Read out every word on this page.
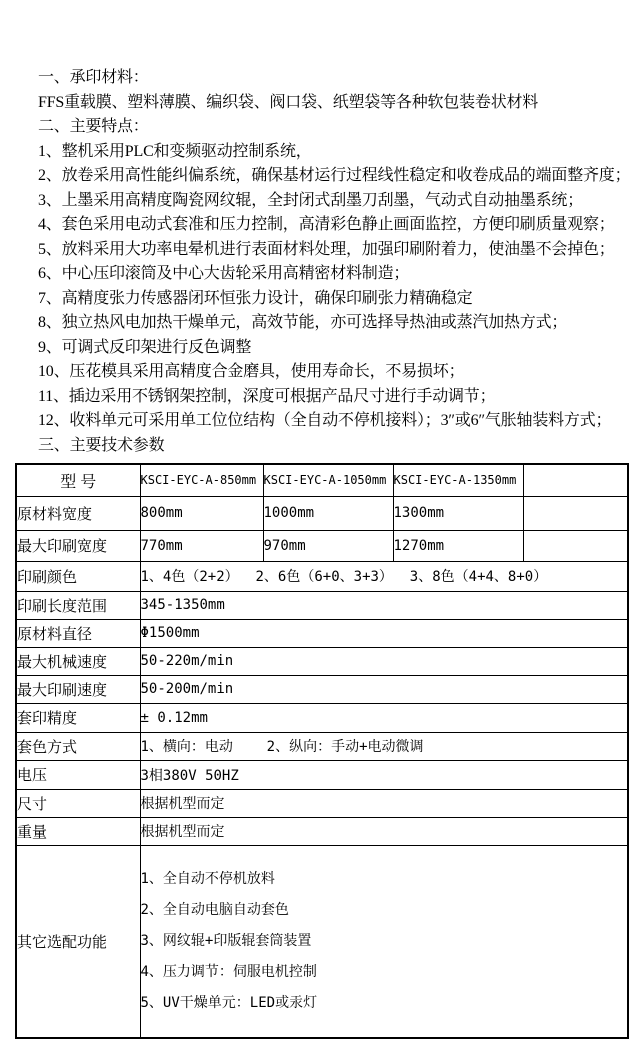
一、承印材料：
FFS重载膜、塑料薄膜、编织袋、阀口袋、纸塑袋等各种软包装卷状材料
二、主要特点：
1、整机采用PLC和变频驱动控制系统，
2、放卷采用高性能纠偏系统，确保基材运行过程线性稳定和收卷成品的端面整齐度；
3、上墨采用高精度陶瓷网纹辊，全封闭式刮墨刀刮墨，气动式自动抽墨系统；
4、套色采用电动式套准和压力控制，高清彩色静止画面监控，方便印刷质量观察；
5、放料采用大功率电晕机进行表面材料处理，加强印刷附着力，使油墨不会掉色；
6、中心压印滚筒及中心大齿轮采用高精密材料制造；
7、高精度张力传感器闭环恒张力设计，确保印刷张力精确稳定
8、独立热风电加热干燥单元，高效节能，亦可选择导热油或蒸汽加热方式；
9、可调式反印架进行反色调整
10、压花模具采用高精度合金磨具，使用寿命长，不易损坏；
11、插边采用不锈钢架控制，深度可根据产品尺寸进行手动调节；
12、收料单元可采用单工位位结构（全自动不停机接料）；3″或6″气胀轴装料方式；
三、主要技术参数
型 号	KSCI-EYC-A-850mm	KSCI-EYC-A-1050mm	KSCI-EYC-A-1350mm	
原材料宽度	800mm	1000mm	1300mm	
最大印刷宽度	770mm	970mm	1270mm	
印刷颜色	1、4色（2+2）  2、6色（6+0、3+3）  3、8色（4+4、8+0）			
印刷长度范围	345-1350mm			
原材料直径	Φ1500mm			
最大机械速度	50-220m/min			
最大印刷速度	50-200m/min			
套印精度	± 0.12mm			
套色方式	1、横向：电动    2、纵向：手动+电动微调			
电压	3相380V 50HZ			
尺寸	根据机型而定			
重量	根据机型而定			
其它选配功能	1、全自动不停机放料
2、全自动电脑自动套色
3、网纹辊+印版辊套筒装置
4、压力调节：伺服电机控制
5、UV干燥单元：LED或汞灯			
